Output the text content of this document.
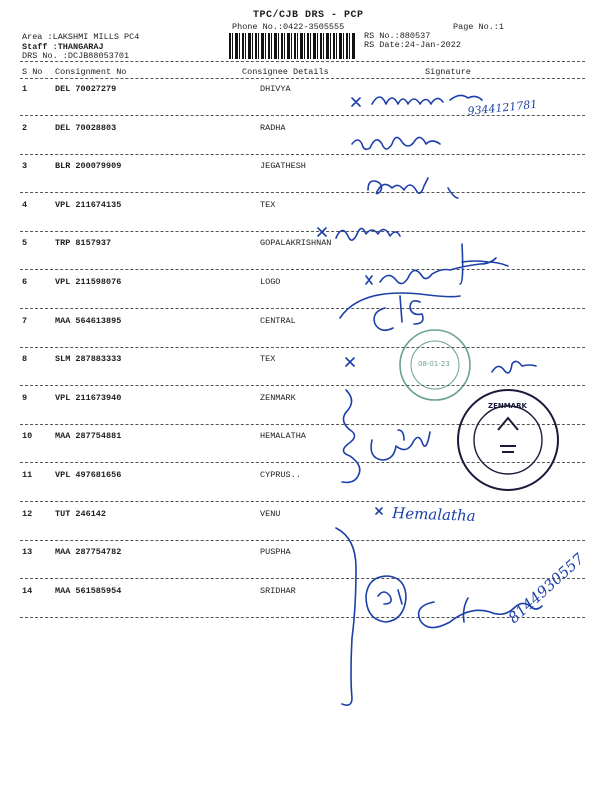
TPC/CJB DRS - PCP
Phone No.:0422-3505555	Page No.:1
Area :LAKSHMI MILLS PC4
Staff :THANGARAJ
DRS No. :DCJB88053701
RS No.:880537
RS Date:24-Jan-2022
S No Consignment No	Consignee Details	Signature
1	DEL 70027279	DHIVYA
2	DEL 70028803	RADHA
3	BLR 200079909	JEGATHESH
4	VPL 211674135	TEX
5	TRP 8157937	GOPALAKRISHNAN
6	VPL 211598076	LOGO
7	MAA 564613895	CENTRAL
8	SLM 287883333	TEX
9	VPL 211673940	ZENMARK
10	MAA 287754881	HEMALATHA
11	VPL 497681656	CYPRUS..
12	TUT 246142	VENU
13	MAA 287754782	PUSPHA
14	MAA 561585954	SRIDHAR
9344121781
Hemalatha
8144930557
08-01-23
ZENMARK
